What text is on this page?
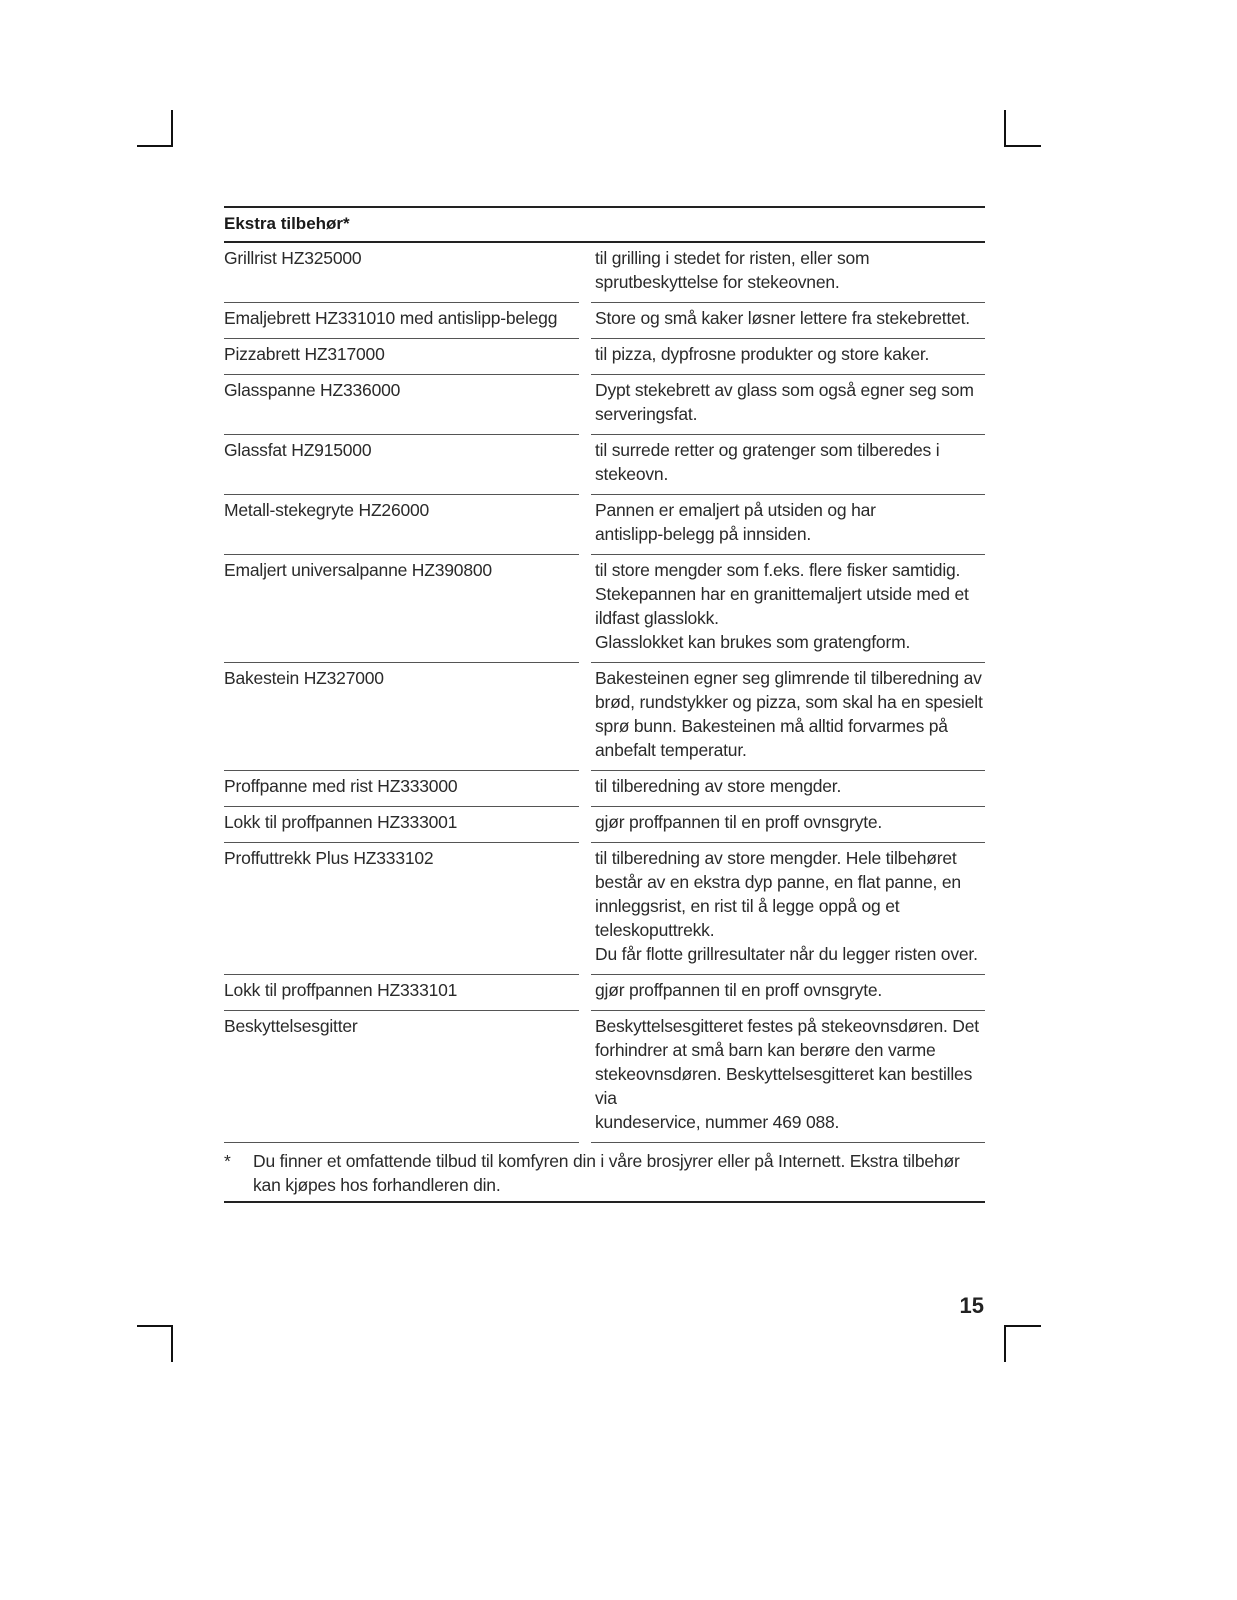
Ekstra tilbehør*
Grillrist HZ325000	til grilling i stedet for risten, eller som
sprutbeskyttelse for stekeovnen.
Emaljebrett HZ331010 med antislipp-belegg	Store og små kaker løsner lettere fra stekebrettet.
Pizzabrett HZ317000	til pizza, dypfrosne produkter og store kaker.
Glasspanne HZ336000	Dypt stekebrett av glass som også egner seg som
serveringsfat.
Glassfat HZ915000	til surrede retter og gratenger som tilberedes i
stekeovn.
Metall-stekegryte HZ26000	Pannen er emaljert på utsiden og har
antislipp-belegg på innsiden.
Emaljert universalpanne HZ390800	til store mengder som f.eks. flere fisker samtidig.
Stekepannen har en granittemaljert utside med et
ildfast glasslokk.
Glasslokket kan brukes som gratengform.
Bakestein HZ327000	Bakesteinen egner seg glimrende til tilberedning av
brød, rundstykker og pizza, som skal ha en spesielt
sprø bunn. Bakesteinen må alltid forvarmes på
anbefalt temperatur.
Proffpanne med rist HZ333000	til tilberedning av store mengder.
Lokk til proffpannen HZ333001	gjør proffpannen til en proff ovnsgryte.
Proffuttrekk Plus HZ333102	til tilberedning av store mengder. Hele tilbehøret
består av en ekstra dyp panne, en flat panne, en
innleggsrist, en rist til å legge oppå og et
teleskoputtrekk.
Du får flotte grillresultater når du legger risten over.
Lokk til proffpannen HZ333101	gjør proffpannen til en proff ovnsgryte.
Beskyttelsesgitter	Beskyttelsesgitteret festes på stekeovnsdøren. Det
forhindrer at små barn kan berøre den varme
stekeovnsdøren. Beskyttelsesgitteret kan bestilles via
kundeservice, nummer 469 088.
*	Du finner et omfattende tilbud til komfyren din i våre brosjyrer eller på Internett. Ekstra tilbehør kan kjøpes hos forhandleren din.
15
